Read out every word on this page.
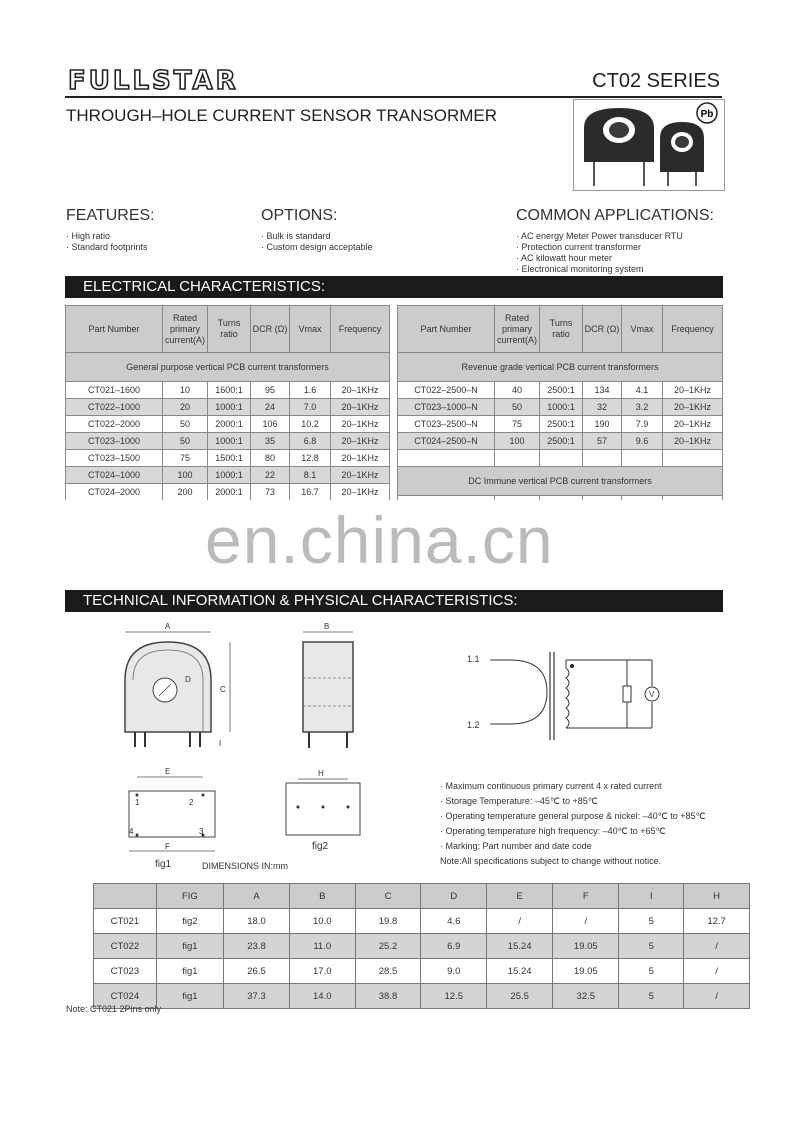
FULLSTAR	CT02 SERIES
THROUGH–HOLE CURRENT SENSOR TRANSORMER	Pb
FEATURES:
· High ratio
· Standard footprints
OPTIONS:
· Bulk is standard
· Custom design acceptable
COMMON APPLICATIONS:
· AC energy Meter Power transducer RTU
· Protection current transformer
· AC kilowatt hour meter
· Electronical monitoring system
ELECTRICAL CHARACTERISTICS:
Part Number	Rated primary current(A)	Turns ratio	DCR (Ω)	Vmax	Frequency
General purpose vertical PCB current transformers					
CT021–1600	10	1600:1	95	1.6	20–1KHz
CT022–1000	20	1000:1	24	7.0	20–1KHz
CT022–2000	50	2000:1	106	10.2	20–1KHz
CT023–1000	50	1000:1	35	6.8	20–1KHz
CT023–1500	75	1500:1	80	12.8	20–1KHz
CT024–1000	100	1000:1	22	8.1	20–1KHz
CT024–2000	200	2000:1	73	16.7	20–1KHz
Part Number	Rated primary current(A)	Turns ratio	DCR (Ω)	Vmax	Frequency
Revenue grade vertical PCB current transformers					
CT022–2500–N	40	2500:1	134	4.1	20–1KHz
CT023–1000–N	50	1000:1	32	3.2	20–1KHz
CT023–2500–N	75	2500:1	190	7.9	20–1KHz
CT024–2500–N	100	2500:1	57	9.6	20–1KHz

DC Immune vertical PCB current transformers					

en.china.cn
TECHNICAL INFORMATION & PHYSICAL CHARACTERISTICS:
A
D
C
I
B
E
1	2
3
4
F
fig1	DIMENSIONS IN:mm
H
fig2
1.1
1.2
V
· Maximum continuous primary current 4 x rated current
· Storage Temperature: –45℃ to +85℃
· Operating temperature general purpose & nickel: –40℃ to +85℃
· Operating temperature high frequency: –40℃ to +65℃
· Marking: Part number and date code
Note:All specifications subject to change without notice.
	FIG	A	B	C	D	E	F	I	H
CT021	fig2	18.0	10.0	19.8	4.6	/	/	5	12.7
CT022	fig1	23.8	11.0	25.2	6.9	15.24	19.05	5	/
CT023	fig1	26.5	17.0	28.5	9.0	15.24	19.05	5	/
CT024	fig1	37.3	14.0	38.8	12.5	25.5	32.5	5	/
Note: CT021 2Pins only
